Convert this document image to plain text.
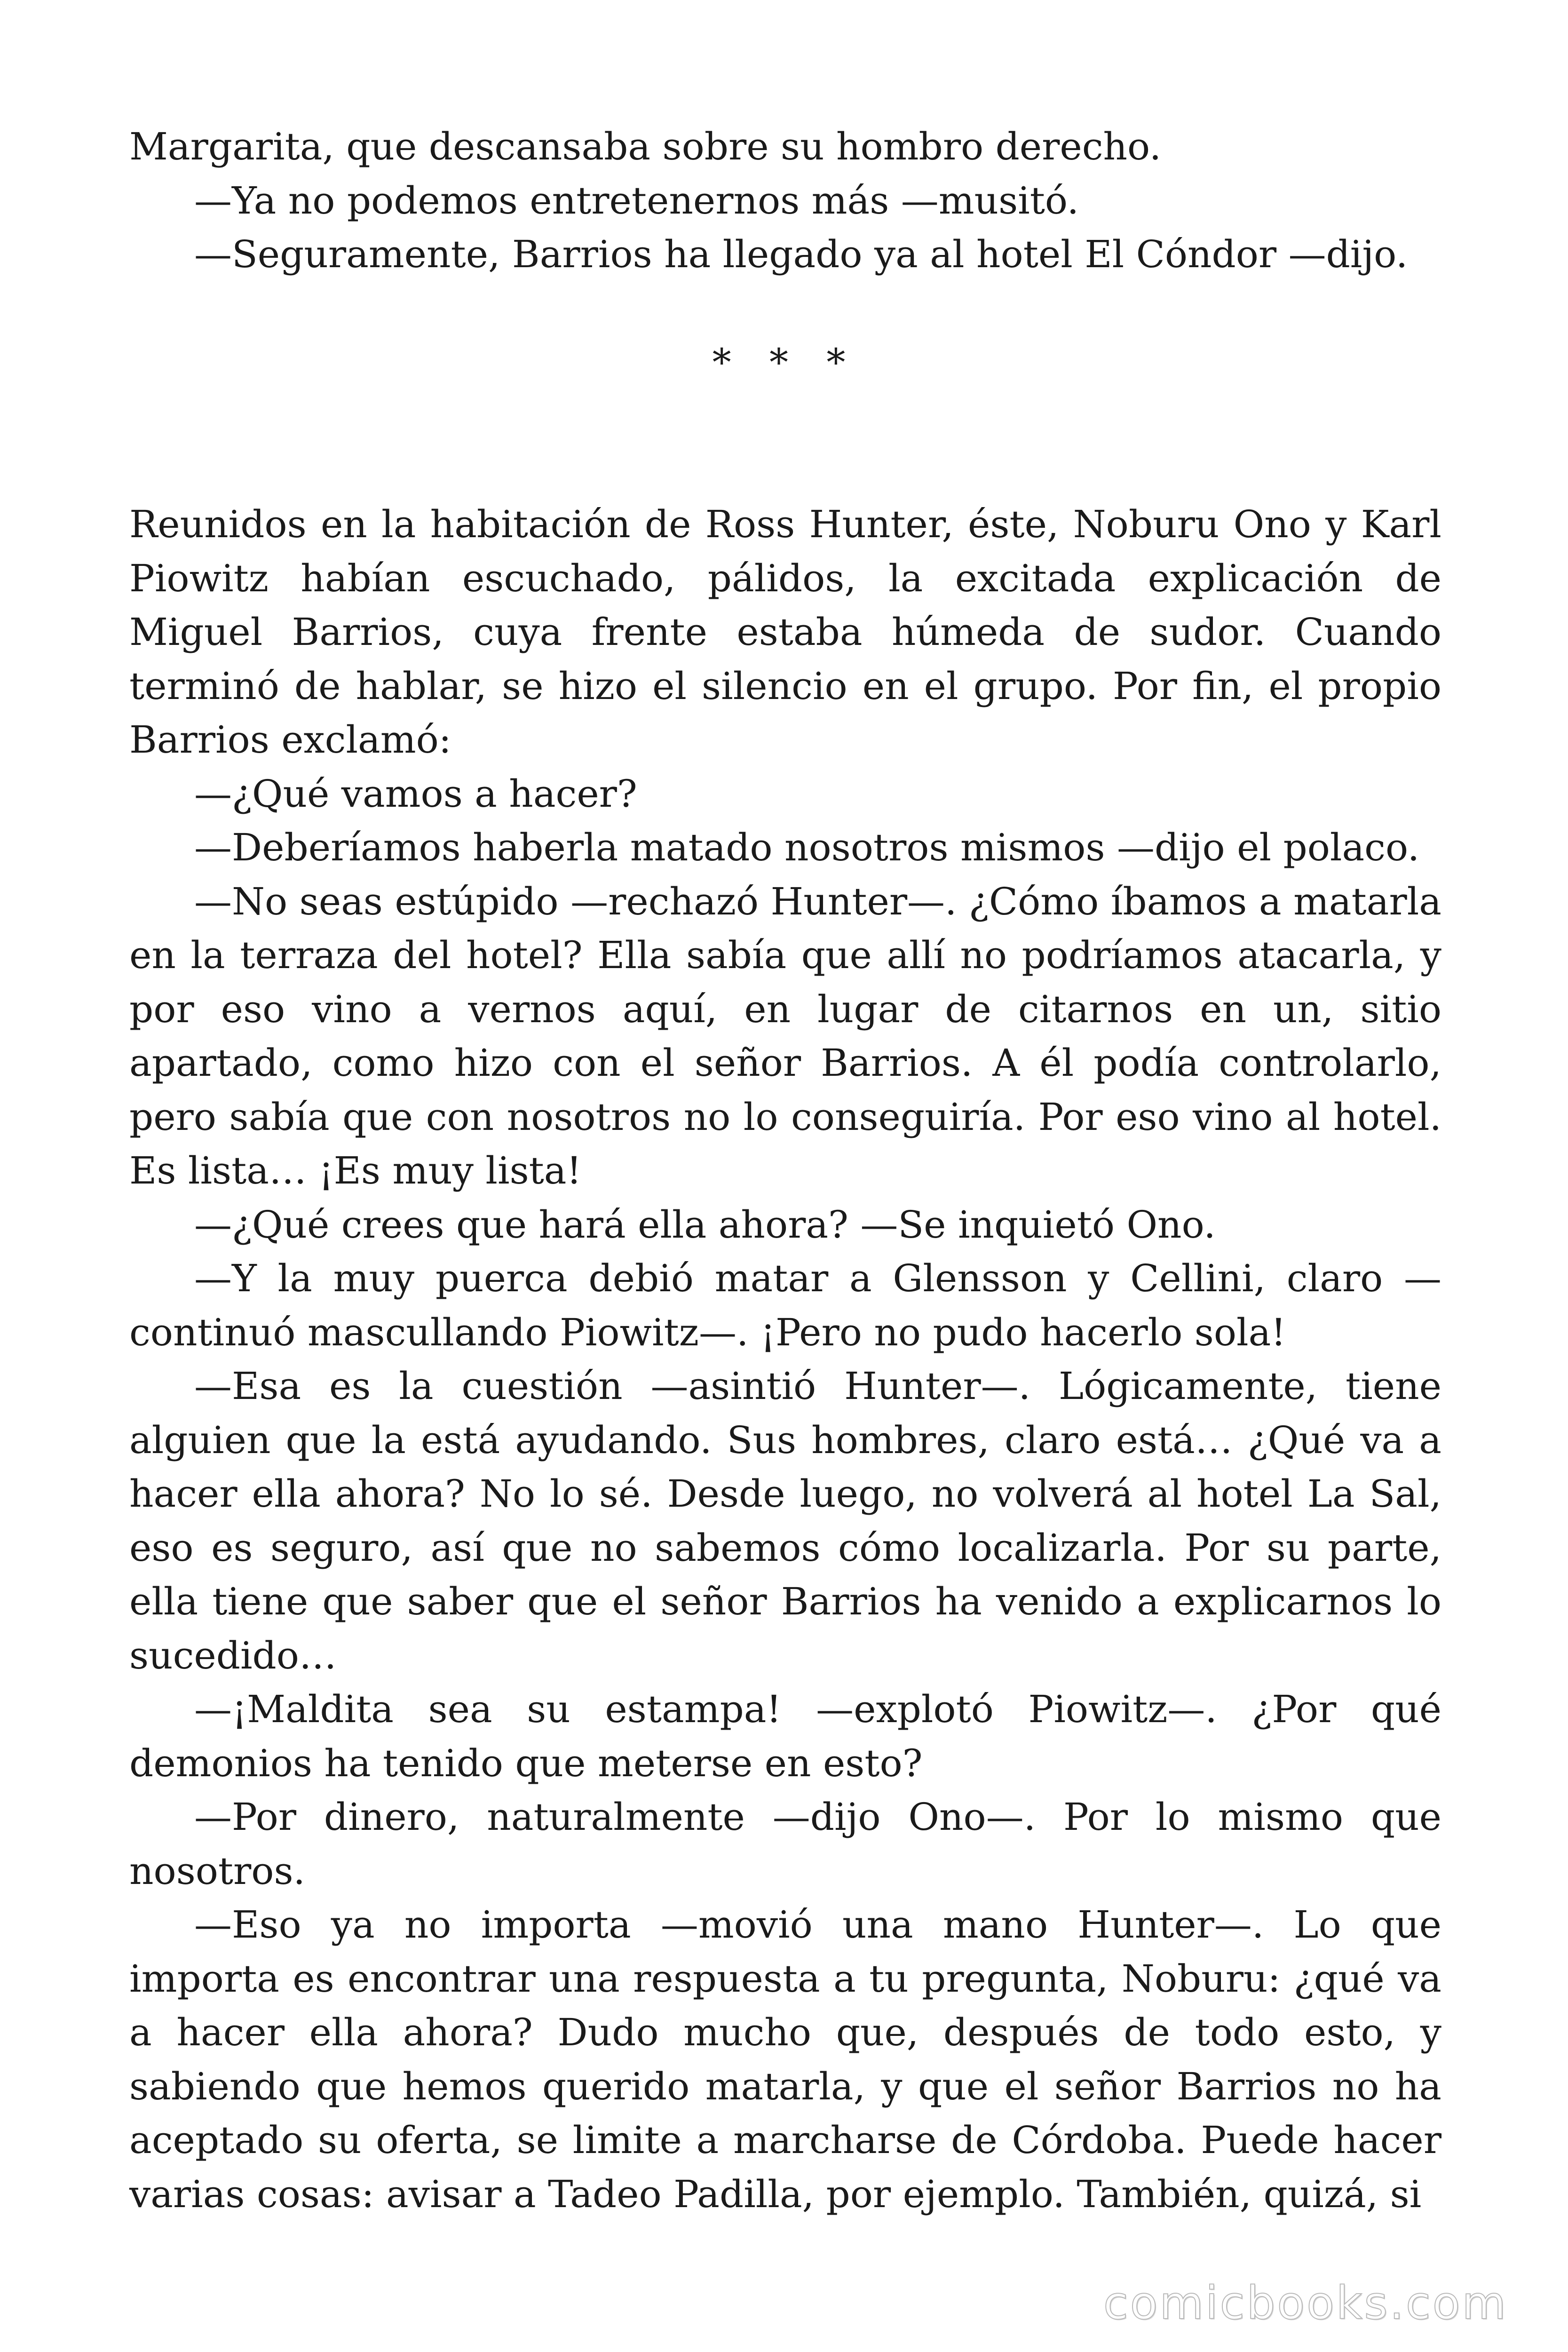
Margarita, que descansaba sobre su hombro derecho.

—Ya no podemos entretenernos más —musitó.

—Seguramente, Barrios ha llegado ya al hotel El Cóndor —dijo.

* * *

Reunidos en la habitación de Ross Hunter, éste, Noburu Ono y Karl Piowitz habían escuchado, pálidos, la excitada explicación de Miguel Barrios, cuya frente estaba húmeda de sudor. Cuando terminó de hablar, se hizo el silencio en el grupo. Por fin, el propio Barrios exclamó:

—¿Qué vamos a hacer?

—Deberíamos haberla matado nosotros mismos —dijo el polaco.

—No seas estúpido —rechazó Hunter—. ¿Cómo íbamos a matarla en la terraza del hotel? Ella sabía que allí no podríamos atacarla, y por eso vino a vernos aquí, en lugar de citarnos en un, sitio apartado, como hizo con el señor Barrios. A él podía controlarlo, pero sabía que con nosotros no lo conseguiría. Por eso vino al hotel. Es lista… ¡Es muy lista!

—¿Qué crees que hará ella ahora? —Se inquietó Ono.

—Y la muy puerca debió matar a Glensson y Cellini, claro —continuó mascullando Piowitz—. ¡Pero no pudo hacerlo sola!

—Esa es la cuestión —asintió Hunter—. Lógicamente, tiene alguien que la está ayudando. Sus hombres, claro está… ¿Qué va a hacer ella ahora? No lo sé. Desde luego, no volverá al hotel La Sal, eso es seguro, así que no sabemos cómo localizarla. Por su parte, ella tiene que saber que el señor Barrios ha venido a explicarnos lo sucedido…

—¡Maldita sea su estampa! —explotó Piowitz—. ¿Por qué demonios ha tenido que meterse en esto?

—Por dinero, naturalmente —dijo Ono—. Por lo mismo que nosotros.

—Eso ya no importa —movió una mano Hunter—. Lo que importa es encontrar una respuesta a tu pregunta, Noburu: ¿qué va a hacer ella ahora? Dudo mucho que, después de todo esto, y sabiendo que hemos querido matarla, y que el señor Barrios no ha aceptado su oferta, se limite a marcharse de Córdoba. Puede hacer varias cosas: avisar a Tadeo Padilla, por ejemplo. También, quizá, si

comicbooks.com
